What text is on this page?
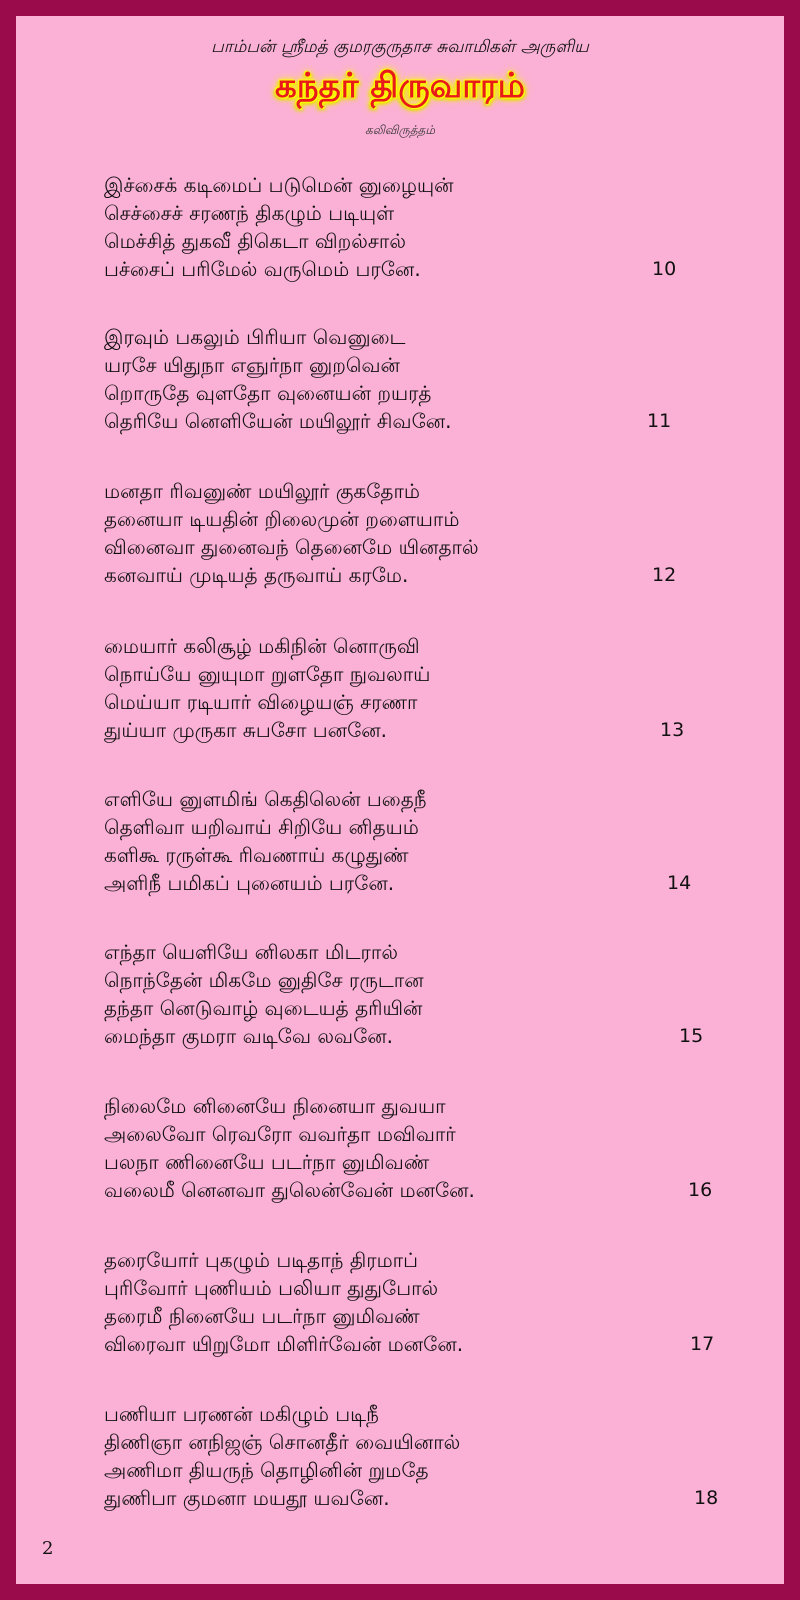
பாம்பன் ஸ்ரீமத் குமரகுருதாச சுவாமிகள் அருளிய
கந்தர் திருவாரம்
கலிவிருத்தம்
இச்சைக் கடிமைப் படுமென் னுழையுன்
செச்சைச் சரணந் திகழும் படியுள்
மெச்சித் துகவீ திகெடா விறல்சால்
பச்சைப் பரிமேல் வருமெம் பரனே.	10
இரவும் பகலும் பிரியா வெனுடை
யரசே யிதுநா எஞுர்நா னுறவென்
றொருதே வுளதோ வுனையன் றயரத்
தெரியே னெளியேன் மயிலூர் சிவனே.	11
மனதா ரிவனுண் மயிலூர் குகதோம்
தனையா டியதின் றிலைமுன் றளையாம்
வினைவா துனைவந் தெனைமே யினதால்
கனவாய் முடியத் தருவாய் கரமே.	12
மையார் கலிசூழ் மகிநின் னொருவி
நொய்யே னுயுமா றுளதோ நுவலாய்
மெய்யா ரடியார் விழையஞ் சரணா
துய்யா முருகா சுபசோ பனனே.	13
எளியே னுளமிங் கெதிலென் பதைநீ
தெளிவா யறிவாய் சிறியே னிதயம்
களிகூ ரருள்கூ ரிவணாய் கழுதுண்
அளிநீ பமிகப் புனையம் பரனே.	14
எந்தா யெளியே னிலகா மிடரால்
நொந்தேன் மிகமே னுதிசே ரருடான
தந்தா னெடுவாழ் வுடையத் தரியின்
மைந்தா குமரா வடிவே லவனே.	15
நிலைமே னினையே நினையா துவயா
அலைவோ ரெவரோ வவர்தா மவிவார்
பலநா ணினையே படர்நா னுமிவண்
வலைமீ னெனவா துலென்வேன் மனனே.	16
தரையோர் புகழும் படிதாந் திரமாப்
புரிவோர் புணியம் பலியா துதுபோல்
தரைமீ நினையே படர்நா னுமிவண்
விரைவா யிறுமோ மிளிர்வேன் மனனே.	17
பணியா பரணன் மகிழும் படிநீ
திணிஞா னநிஜஞ் சொனதீர் வையினால்
அணிமா தியருந் தொழினின் றுமதே
துணிபா குமனா மயதூ யவனே.	18
2
